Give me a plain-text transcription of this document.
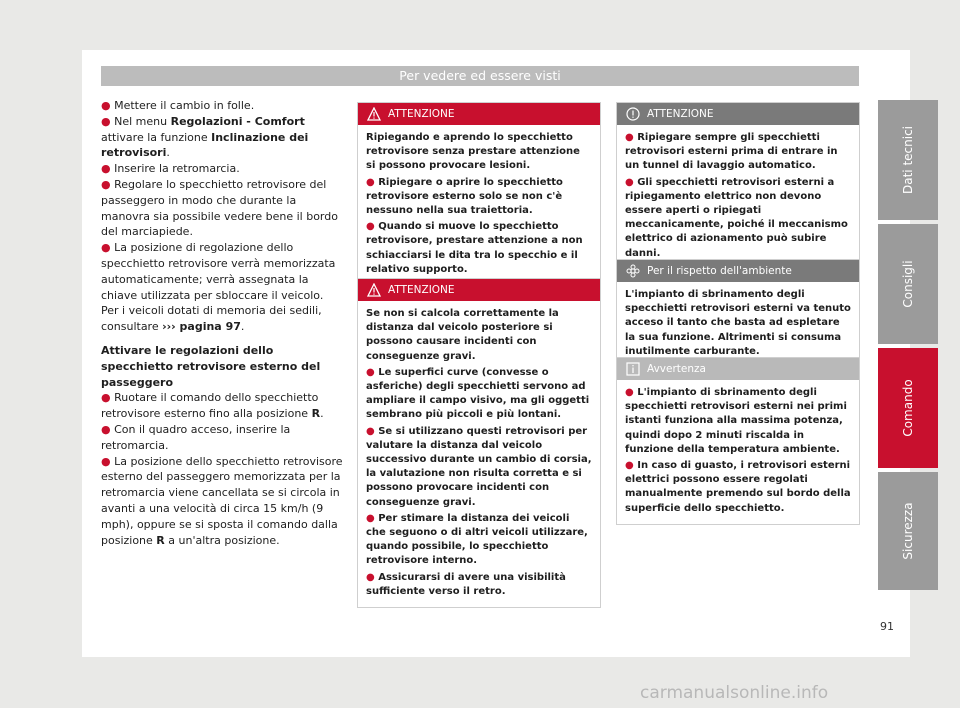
Per vedere ed essere visti

● Mettere il cambio in folle.

● Nel menu Regolazioni - Comfort attivare la funzione Inclinazione dei retrovisori.

● Inserire la retromarcia.

● Regolare lo specchietto retrovisore del passeggero in modo che durante la manovra sia possibile vedere bene il bordo del marciapiede.

● La posizione di regolazione dello specchietto retrovisore verrà memorizzata automaticamente; verrà assegnata la chiave utilizzata per sbloccare il veicolo. Per i veicoli dotati di memoria dei sedili, consultare ››› pagina 97.

Attivare le regolazioni dello specchietto retrovisore esterno del passeggero

● Ruotare il comando dello specchietto retrovisore esterno fino alla posizione R.

● Con il quadro acceso, inserire la retromarcia.

● La posizione dello specchietto retrovisore esterno del passeggero memorizzata per la retromarcia viene cancellata se si circola in avanti a una velocità di circa 15 km/h (9 mph), oppure se si sposta il comando dalla posizione R a un'altra posizione.

ATTENZIONE

Ripiegando e aprendo lo specchietto retrovisore senza prestare attenzione si possono provocare lesioni.

● Ripiegare o aprire lo specchietto retrovisore esterno solo se non c'è nessuno nella sua traiettoria.

● Quando si muove lo specchietto retrovisore, prestare attenzione a non schiacciarsi le dita tra lo specchio e il relativo supporto.

ATTENZIONE

Se non si calcola correttamente la distanza dal veicolo posteriore si possono causare incidenti con conseguenze gravi.

● Le superfici curve (convesse o asferiche) degli specchietti servono ad ampliare il campo visivo, ma gli oggetti sembrano più piccoli e più lontani.

● Se si utilizzano questi retrovisori per valutare la distanza dal veicolo successivo durante un cambio di corsia, la valutazione non risulta corretta e si possono provocare incidenti con conseguenze gravi.

● Per stimare la distanza dei veicoli che seguono o di altri veicoli utilizzare, quando possibile, lo specchietto retrovisore interno.

● Assicurarsi di avere una visibilità sufficiente verso il retro.

ATTENZIONE

● Ripiegare sempre gli specchietti retrovisori esterni prima di entrare in un tunnel di lavaggio automatico.

● Gli specchietti retrovisori esterni a ripiegamento elettrico non devono essere aperti o ripiegati meccanicamente, poiché il meccanismo elettrico di azionamento può subire danni.

Per il rispetto dell'ambiente

L'impianto di sbrinamento degli specchietti retrovisori esterni va tenuto acceso il tanto che basta ad espletare la sua funzione. Altrimenti si consuma inutilmente carburante.

Avvertenza

● L'impianto di sbrinamento degli specchietti retrovisori esterni nei primi istanti funziona alla massima potenza, quindi dopo 2 minuti riscalda in funzione della temperatura ambiente.

● In caso di guasto, i retrovisori esterni elettrici possono essere regolati manualmente premendo sul bordo della superficie dello specchietto.

Dati tecnici
Consigli
Comando
Sicurezza
91
carmanualsonline.info
